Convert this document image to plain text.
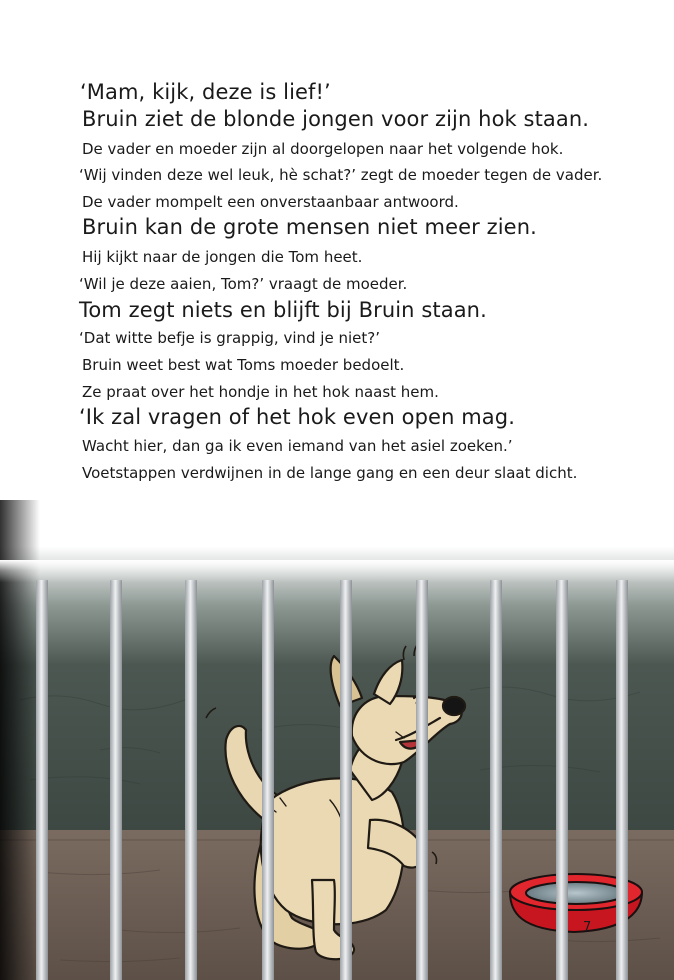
‘Mam, kijk, deze is lief!’
Bruin ziet de blonde jongen voor zijn hok staan.
De vader en moeder zijn al doorgelopen naar het volgende hok.
‘Wij vinden deze wel leuk, hè schat?’ zegt de moeder tegen de vader.
De vader mompelt een onverstaanbaar antwoord.
Bruin kan de grote mensen niet meer zien.
Hij kijkt naar de jongen die Tom heet.
‘Wil je deze aaien, Tom?’ vraagt de moeder.
Tom zegt niets en blijft bij Bruin staan.
‘Dat witte befje is grappig, vind je niet?’
Bruin weet best wat Toms moeder bedoelt.
Ze praat over het hondje in het hok naast hem.
‘Ik zal vragen of het hok even open mag.
Wacht hier, dan ga ik even iemand van het asiel zoeken.’
Voetstappen verdwijnen in de lange gang en een deur slaat dicht.
7
